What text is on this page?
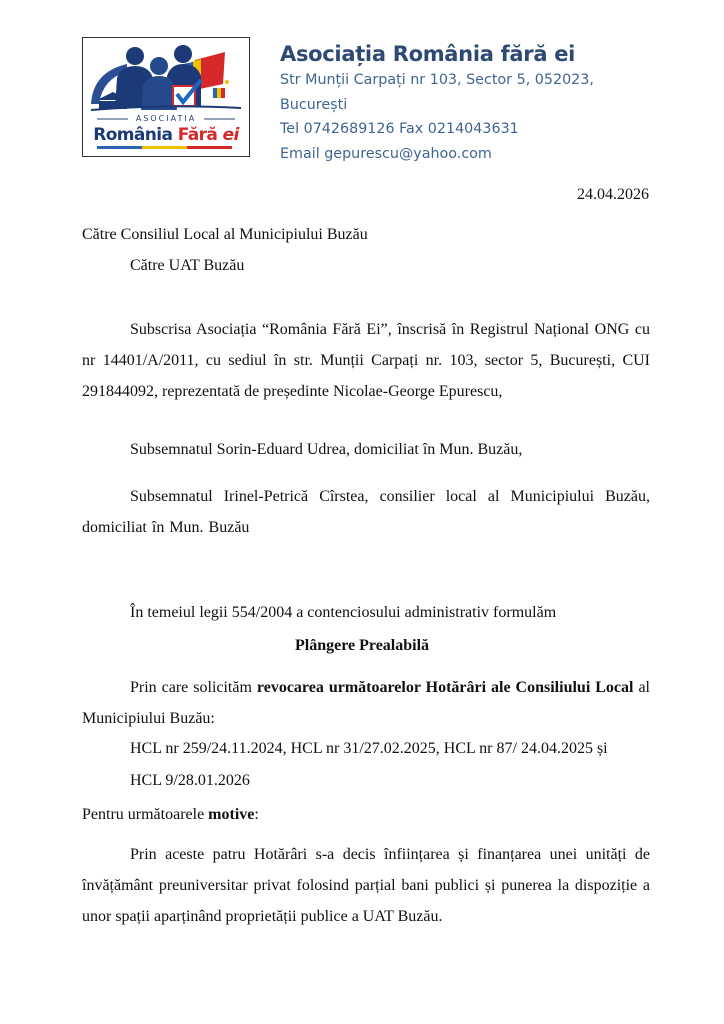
ASOCIATIA
România Fără ei
Asociația România fără ei
Str Munții Carpați nr 103, Sector 5, 052023,
București
Tel 0742689126 Fax 0214043631
Email gepurescu@yahoo.com
24.04.2026
Către Consiliul Local al Municipiului Buzău
Către UAT Buzău
Subscrisa Asociația “România Fără Ei”, înscrisă în Registrul Național ONG cu nr 14401/A/2011, cu sediul în str. Munții Carpați nr. 103, sector 5, București, CUI 291844092, reprezentată de președinte Nicolae-George Epurescu,
Subsemnatul Sorin-Eduard Udrea, domiciliat în Mun. Buzău,
Subsemnatul Irinel-Petrică Cîrstea, consilier local al Municipiului Buzău, domiciliat în Mun. Buzău
În temeiul legii 554/2004 a contenciosului administrativ formulăm
Plângere Prealabilă
Prin care solicităm revocarea următoarelor Hotărâri ale Consiliului Local al Municipiului Buzău:
HCL nr 259/24.11.2024, HCL nr 31/27.02.2025, HCL nr 87/ 24.04.2025 și
HCL 9/28.01.2026
Pentru următoarele motive:
Prin aceste patru Hotărâri s-a decis înființarea și finanțarea unei unități de învățământ preuniversitar privat folosind parțial bani publici și punerea la dispoziție a unor spații aparținând proprietății publice a UAT Buzău.
